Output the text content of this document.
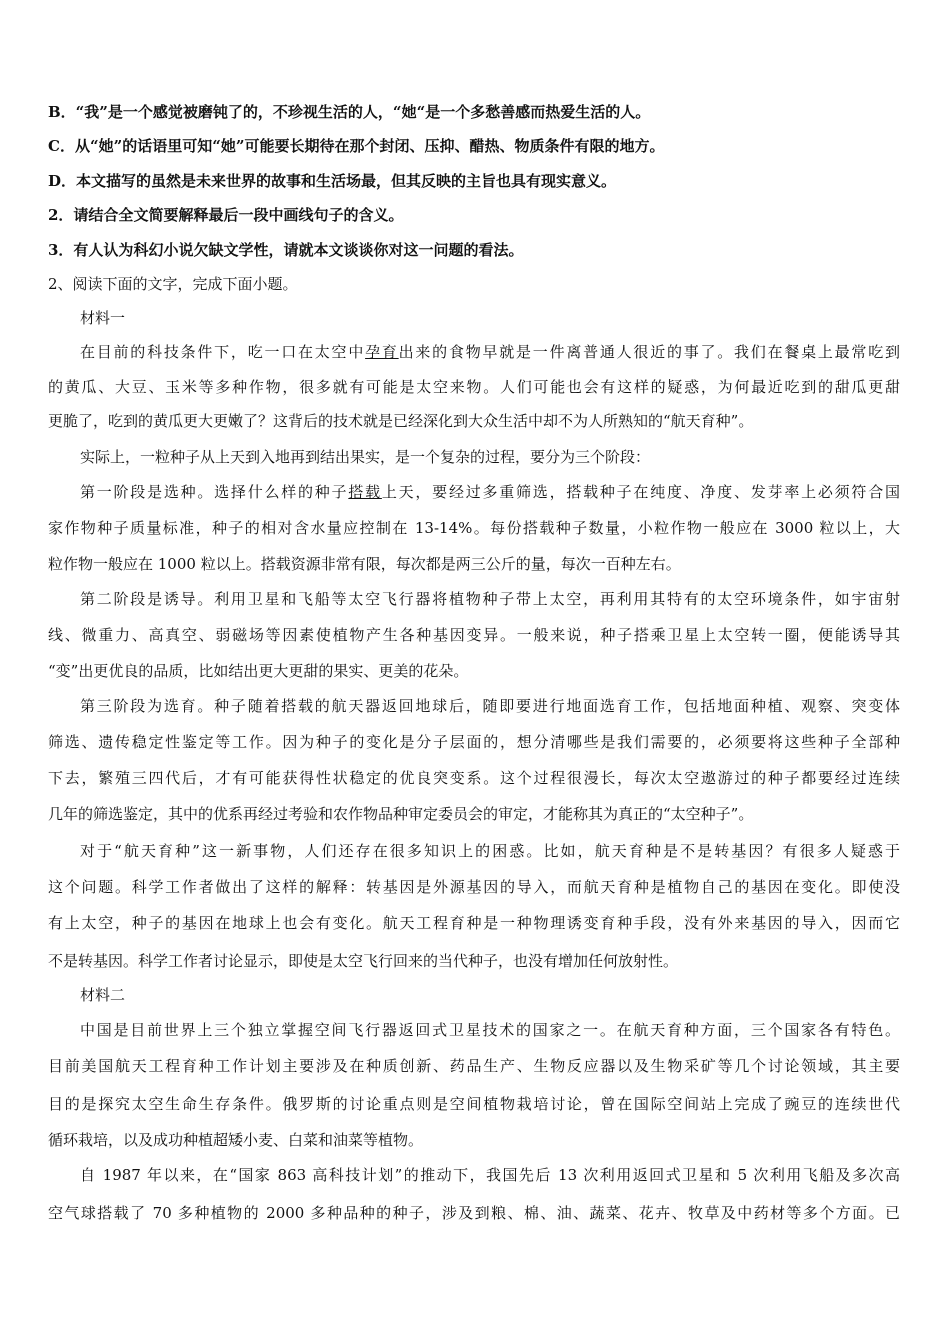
B．“我”是一个感觉被磨钝了的，不珍视生活的人，“她“是一个多愁善感而热爱生活的人。
C．从“她”的话语里可知“她”可能要长期待在那个封闭、压抑、醋热、物质条件有限的地方。
D．本文描写的虽然是未来世界的故事和生活场最，但其反映的主旨也具有现实意义。
2．请结合全文简要解释最后一段中画线句子的含义。
3．有人认为科幻小说欠缺文学性，请就本文谈谈你对这一问题的看法。
2、阅读下面的文字，完成下面小题。
材料一
在目前的科技条件下，吃一口在太空中孕育出来的食物早就是一件离普通人很近的事了。我们在餐桌上最常吃到
的黄瓜、大豆、玉米等多种作物，很多就有可能是太空来物。人们可能也会有这样的疑惑，为何最近吃到的甜瓜更甜
更脆了，吃到的黄瓜更大更嫩了？这背后的技术就是已经深化到大众生活中却不为人所熟知的“航天育种”。
实际上，一粒种子从上天到入地再到结出果实，是一个复杂的过程，要分为三个阶段：
第一阶段是选种。选择什么样的种子搭载上天，要经过多重筛选，搭载种子在纯度、净度、发芽率上必须符合国
家作物种子质量标准，种子的相对含水量应控制在 13-14%。每份搭载种子数量，小粒作物一般应在 3000 粒以上，大
粒作物一般应在 1000 粒以上。搭载资源非常有限，每次都是两三公斤的量，每次一百种左右。
第二阶段是诱导。利用卫星和飞船等太空飞行器将植物种子带上太空，再利用其特有的太空环境条件，如宇宙射
线、微重力、高真空、弱磁场等因素使植物产生各种基因变异。一般来说，种子搭乘卫星上太空转一圈，便能诱导其
“变”出更优良的品质，比如结出更大更甜的果实、更美的花朵。
第三阶段为选育。种子随着搭载的航天器返回地球后，随即要进行地面选育工作，包括地面种植、观察、突变体
筛选、遗传稳定性鉴定等工作。因为种子的变化是分子层面的，想分清哪些是我们需要的，必须要将这些种子全部种
下去，繁殖三四代后，才有可能获得性状稳定的优良突变系。这个过程很漫长，每次太空遨游过的种子都要经过连续
几年的筛选鉴定，其中的优系再经过考验和农作物品种审定委员会的审定，才能称其为真正的“太空种子”。
对于“航天育种”这一新事物，人们还存在很多知识上的困惑。比如，航天育种是不是转基因？有很多人疑惑于
这个问题。科学工作者做出了这样的解释：转基因是外源基因的导入，而航天育种是植物自己的基因在变化。即使没
有上太空，种子的基因在地球上也会有变化。航天工程育种是一种物理诱变育种手段，没有外来基因的导入，因而它
不是转基因。科学工作者讨论显示，即使是太空飞行回来的当代种子，也没有增加任何放射性。
材料二
中国是目前世界上三个独立掌握空间飞行器返回式卫星技术的国家之一。在航天育种方面，三个国家各有特色。
目前美国航天工程育种工作计划主要涉及在种质创新、药品生产、生物反应器以及生物采矿等几个讨论领域，其主要
目的是探究太空生命生存条件。俄罗斯的讨论重点则是空间植物栽培讨论，曾在国际空间站上完成了豌豆的连续世代
循环栽培，以及成功种植超矮小麦、白菜和油菜等植物。
自 1987 年以来，在“国家 863 高科技计划”的推动下，我国先后 13 次利用返回式卫星和 5 次利用飞船及多次高
空气球搭载了 70 多种植物的 2000 多种品种的种子，涉及到粮、棉、油、蔬菜、花卉、牧草及中药材等多个方面。已
